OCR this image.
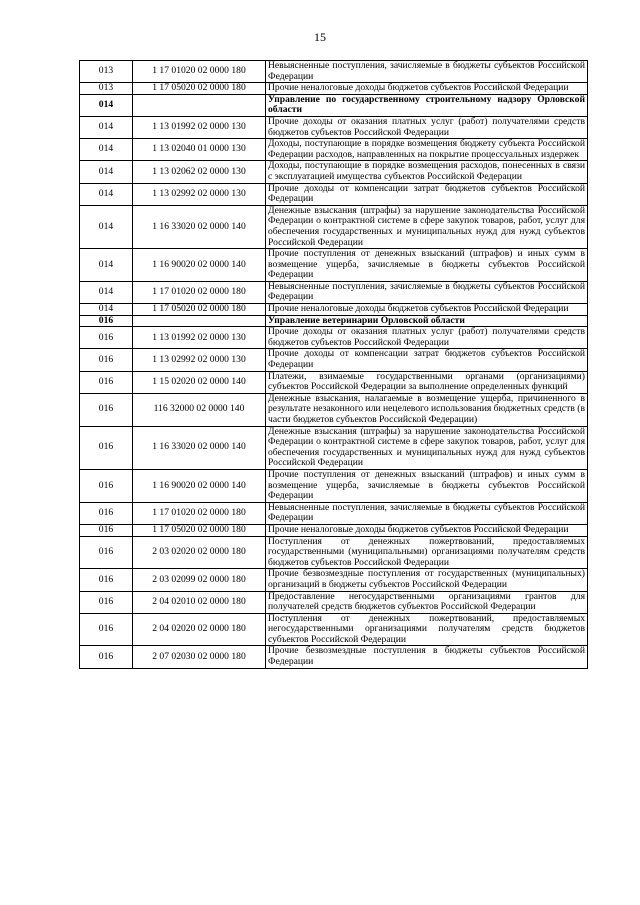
15
013	1 17 01020 02 0000 180	Невыясненные поступления, зачисляемые в бюджеты субъектов Российской Федерации
013	1 17 05020 02 0000 180	Прочие неналоговые доходы бюджетов субъектов Российской Федерации
014		Управление по государственному строительному надзору Орловской области
014	1 13 01992 02 0000 130	Прочие доходы от оказания платных услуг (работ) получателями средств бюджетов субъектов Российской Федерации
014	1 13 02040 01 0000 130	Доходы, поступающие в порядке возмещения бюджету субъекта Российской Федерации расходов, направленных на покрытие процессуальных издержек
014	1 13 02062 02 0000 130	Доходы, поступающие в порядке возмещения расходов, понесенных в связи с эксплуатацией имущества субъектов Российской Федерации
014	1 13 02992 02 0000 130	Прочие доходы от компенсации затрат бюджетов субъектов Российской Федерации
014	1 16 33020 02 0000 140	Денежные взыскания (штрафы) за нарушение законодательства Российской Федерации о контрактной системе в сфере закупок товаров, работ, услуг для обеспечения государственных и муниципальных нужд для нужд субъектов Российской Федерации
014	1 16 90020 02 0000 140	Прочие поступления от денежных взысканий (штрафов) и иных сумм в возмещение ущерба, зачисляемые в бюджеты субъектов Российской Федерации
014	1 17 01020 02 0000 180	Невыясненные поступления, зачисляемые в бюджеты субъектов Российской Федерации
014	1 17 05020 02 0000 180	Прочие неналоговые доходы бюджетов субъектов Российской Федерации
016		Управление ветеринарии Орловской области
016	1 13 01992 02 0000 130	Прочие доходы от оказания платных услуг (работ) получателями средств бюджетов субъектов Российской Федерации
016	1 13 02992 02 0000 130	Прочие доходы от компенсации затрат бюджетов субъектов Российской Федерации
016	1 15 02020 02 0000 140	Платежи, взимаемые государственными органами (организациями) субъектов Российской Федерации за выполнение определенных функций
016	116 32000 02 0000 140	Денежные взыскания, налагаемые в возмещение ущерба, причиненного в результате незаконного или нецелевого использования бюджетных средств (в части бюджетов субъектов Российской Федерации)
016	1 16 33020 02 0000 140	Денежные взыскания (штрафы) за нарушение законодательства Российской Федерации о контрактной системе в сфере закупок товаров, работ, услуг для обеспечения государственных и муниципальных нужд для нужд субъектов Российской Федерации
016	1 16 90020 02 0000 140	Прочие поступления от денежных взысканий (штрафов) и иных сумм в возмещение ущерба, зачисляемые в бюджеты субъектов Российской Федерации
016	1 17 01020 02 0000 180	Невыясненные поступления, зачисляемые в бюджеты субъектов Российской Федерации
016	1 17 05020 02 0000 180	Прочие неналоговые доходы бюджетов субъектов Российской Федерации
016	2 03 02020 02 0000 180	Поступления от денежных пожертвований, предоставляемых государственными (муниципальными) организациями получателям средств бюджетов субъектов Российской Федерации
016	2 03 02099 02 0000 180	Прочие безвозмездные поступления от государственных (муниципальных) организаций в бюджеты субъектов Российской Федерации
016	2 04 02010 02 0000 180	Предоставление негосударственными организациями грантов для получателей средств бюджетов субъектов Российской Федерации
016	2 04 02020 02 0000 180	Поступления от денежных пожертвований, предоставляемых негосударственными организациями получателям средств бюджетов субъектов Российской Федерации
016	2 07 02030 02 0000 180	Прочие безвозмездные поступления в бюджеты субъектов Российской Федерации
